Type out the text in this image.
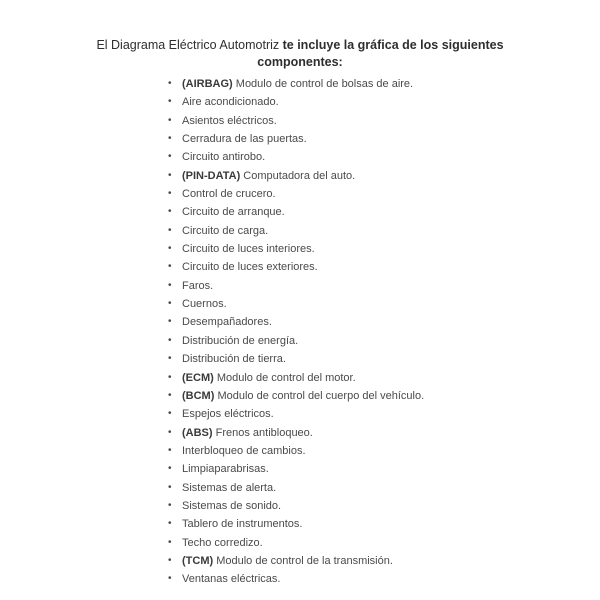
El Diagrama Eléctrico Automotriz te incluye la gráfica de los siguientes componentes:
• (AIRBAG) Modulo de control de bolsas de aire.
• Aire acondicionado.
• Asientos eléctricos.
• Cerradura de las puertas.
• Circuito antirobo.
• (PIN-DATA) Computadora del auto.
• Control de crucero.
• Circuito de arranque.
• Circuito de carga.
• Circuito de luces interiores.
• Circuito de luces exteriores.
• Faros.
• Cuernos.
• Desempañadores.
• Distribución de energía.
• Distribución de tierra.
• (ECM) Modulo de control del motor.
• (BCM) Modulo de control del cuerpo del vehículo.
• Espejos eléctricos.
• (ABS) Frenos antibloqueo.
• Interbloqueo de cambios.
• Limpiaparabrisas.
• Sistemas de alerta.
• Sistemas de sonido.
• Tablero de instrumentos.
• Techo corredizo.
• (TCM) Modulo de control de la transmisión.
• Ventanas eléctricas.
